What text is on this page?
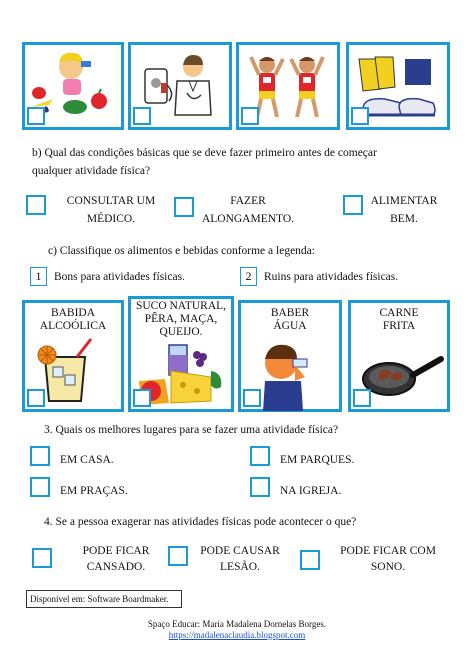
b) Qual das condições básicas que se deve fazer primeiro antes de começar
qualquer atividade física?
CONSULTAR UM
MÉDICO.
FAZER
ALONGAMENTO.
ALIMENTAR
BEM.
c) Classifique os alimentos e bebidas conforme a legenda:
1	Bons para atividades físicas.	2	Ruins para atividades físicas.
BABIDA
ALCOÓLICA
SUCO NATURAL,
PÊRA, MAÇA,
QUEIJO.
BABER
ÁGUA
CARNE
FRITA
3. Quais os melhores lugares para se fazer uma atividade física?
EM CASA.	EM PARQUES.
EM PRAÇAS.	NA IGREJA.
4. Se a pessoa exagerar nas atividades físicas pode acontecer o que?
PODE FICAR
CANSADO.
PODE CAUSAR
LESÃO.
PODE FICAR COM
SONO.
Disponível em: Software Boardmaker.
Spaço Educar: Maria Madalena Dornelas Borges.
https://madalenaclaudia.blogspot.com
